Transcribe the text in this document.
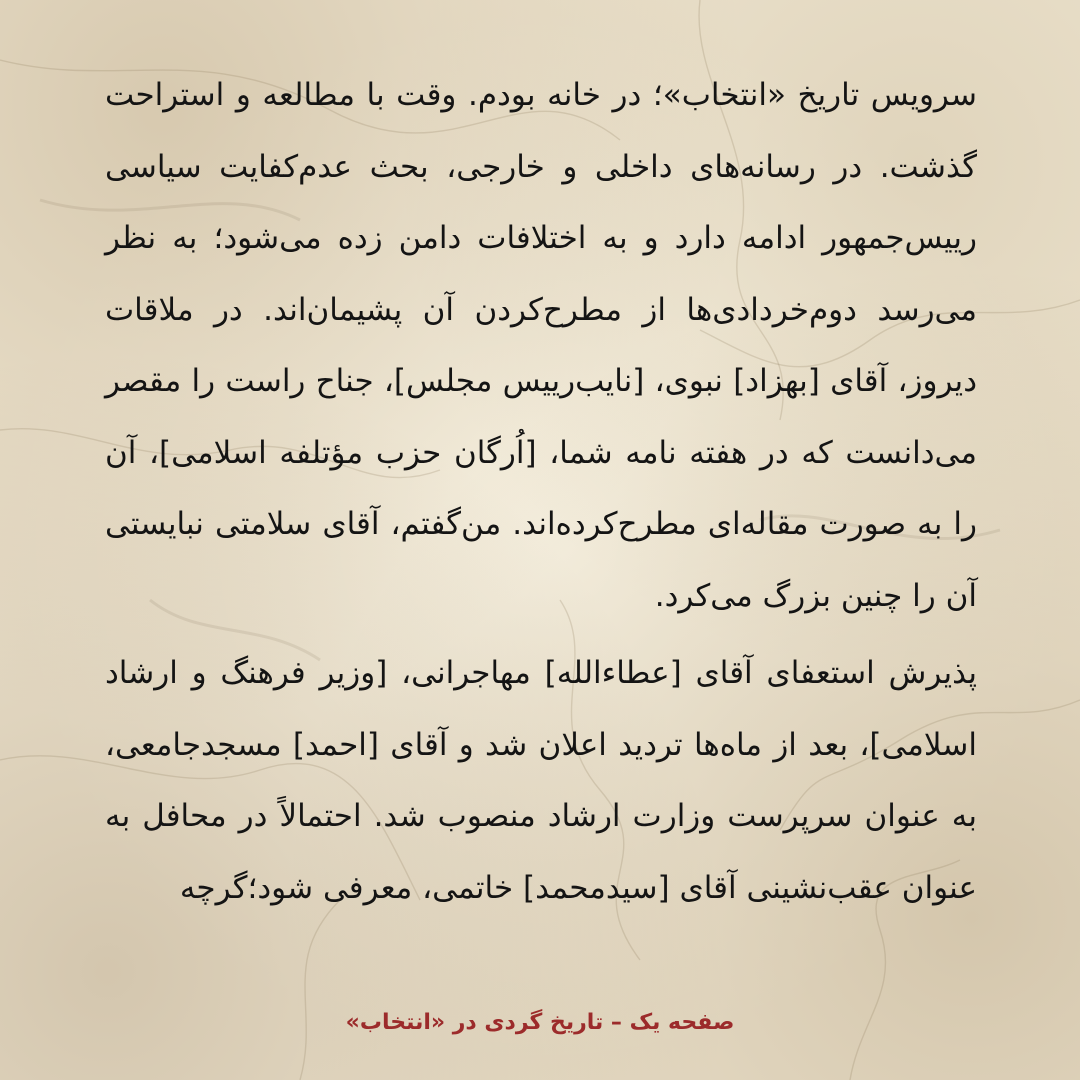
سرویس تاریخ «انتخاب»؛ در خانه بودم. وقت با مطالعه و استراحت گذشت. در رسانه‌های داخلی و خارجی، بحث عدم‌کفایت سیاسی رییس‌جمهور ادامه دارد و به اختلافات دامن زده می‌شود؛ به نظر می‌رسد دوم‌خردادی‌ها از مطرح‌کردن آن پشیمان‌اند. در ملاقات دیروز، آقای [بهزاد] نبوی، [نایب‌رییس مجلس]، جناح راست را مقصر می‌دانست که در هفته نامه شما، [اُرگان حزب مؤتلفه اسلامی]، آن را به صورت مقاله‌ای مطرح‌کرده‌اند. من‌گفتم، آقای سلامتی نبایستی آن را چنین بزرگ می‌کرد.

پذیرش استعفای آقای [عطاءالله] مهاجرانی، [وزیر فرهنگ و ارشاد اسلامی]، بعد از ماه‌ها تردید اعلان شد و آقای [احمد] مسجدجامعی، به عنوان سرپرست وزارت ارشاد منصوب شد. احتمالاً در محافل به عنوان عقب‌نشینی آقای [سیدمحمد] خاتمی، معرفی شود؛گرچه

صفحه یک – تاریخ گردی در «انتخاب»
